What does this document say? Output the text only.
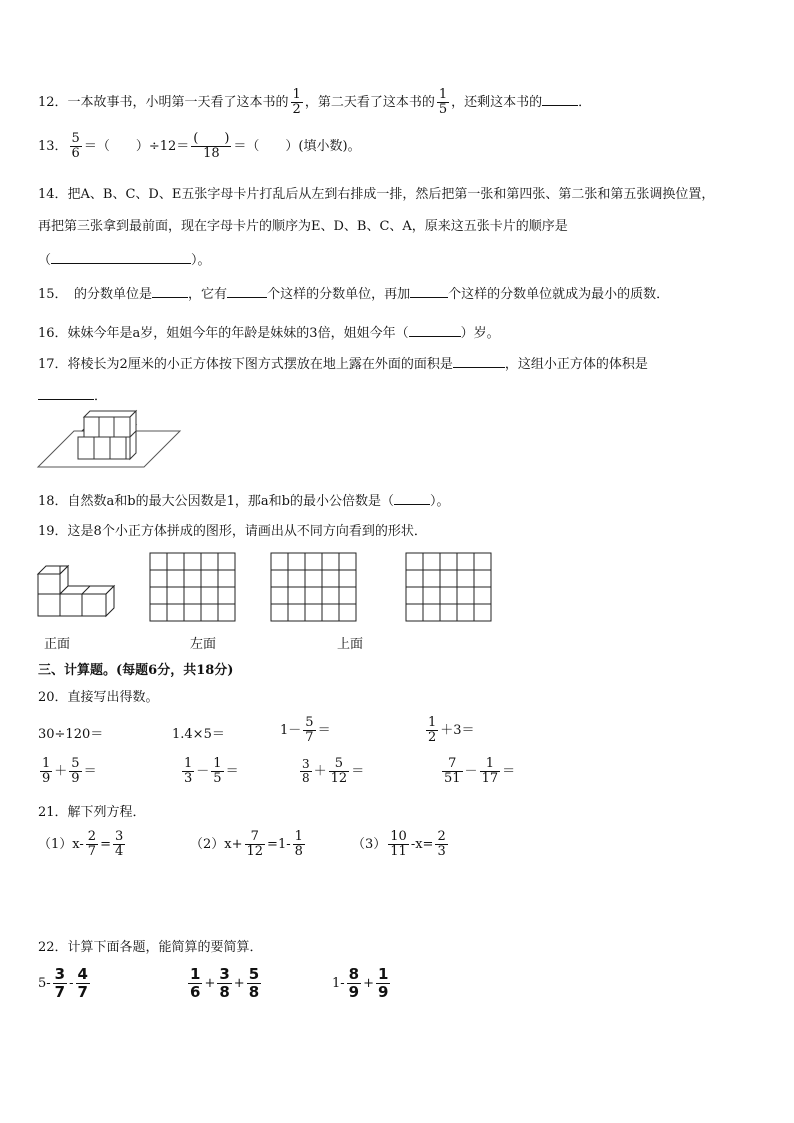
12．一本故事书，小明第一天看了这本书的 $\frac{1}{2}$ ，第二天看了这本书的 $\frac{1}{5}$ ，还剩这本书的	．
13． $\frac{5}{6}$ ＝（　　）$\div 12= \frac{( )}{18}$ ＝（　　）(填小数)。
14．把A、B、C、D、E五张字母卡片打乱后从左到右排成一排，然后把第一张和第四张、第二张和第五张调换位置，
再把第三张拿到最前面，现在字母卡片的顺序为E、D、B、C、A，原来这五张卡片的顺序是
（	）。
15．　的分数单位是	，它有	个这样的分数单位，再加	个这样的分数单位就成为最小的质数．
16．妹妹今年是a岁，姐姐今年的年龄是妹妹的3倍，姐姐今年（	）岁。
17．将棱长为2厘米的小正方体按下图方式摆放在地上露在外面的面积是	，这组小正方体的体积是
．
18．自然数a和b的最大公因数是1，那a和b的最小公倍数是（	）。
19．这是8个小正方体拼成的图形，请画出从不同方向看到的形状．
正面	左面	上面
三、计算题。(每题6分，共18分)
20．直接写出得数。
30÷120＝	1.4×5＝	$1- \frac{5}{7}$ ＝	$\frac{1}{2} +3=$
$\frac{1}{9} + \frac{5}{9}$ ＝	$\frac{1}{3} - \frac{1}{5}$ ＝	$\frac{3}{8} + \frac{5}{12}$ ＝	$\frac{7}{51} - \frac{1}{17}$ ＝
21．解下列方程．
$(1)x- \frac{2}{7} = \frac{3}{4}$	$(2)x+ \frac{7}{12} =1- \frac{1}{8}$	$(3) \frac{10}{11} -x= \frac{2}{3}$
22．计算下面各题，能简算的要简算．
$5- \frac{3}{7} - \frac{4}{7}$	$\frac{1}{6} + \frac{3}{8} + \frac{5}{8}$	$1- \frac{8}{9} + \frac{1}{9}$
